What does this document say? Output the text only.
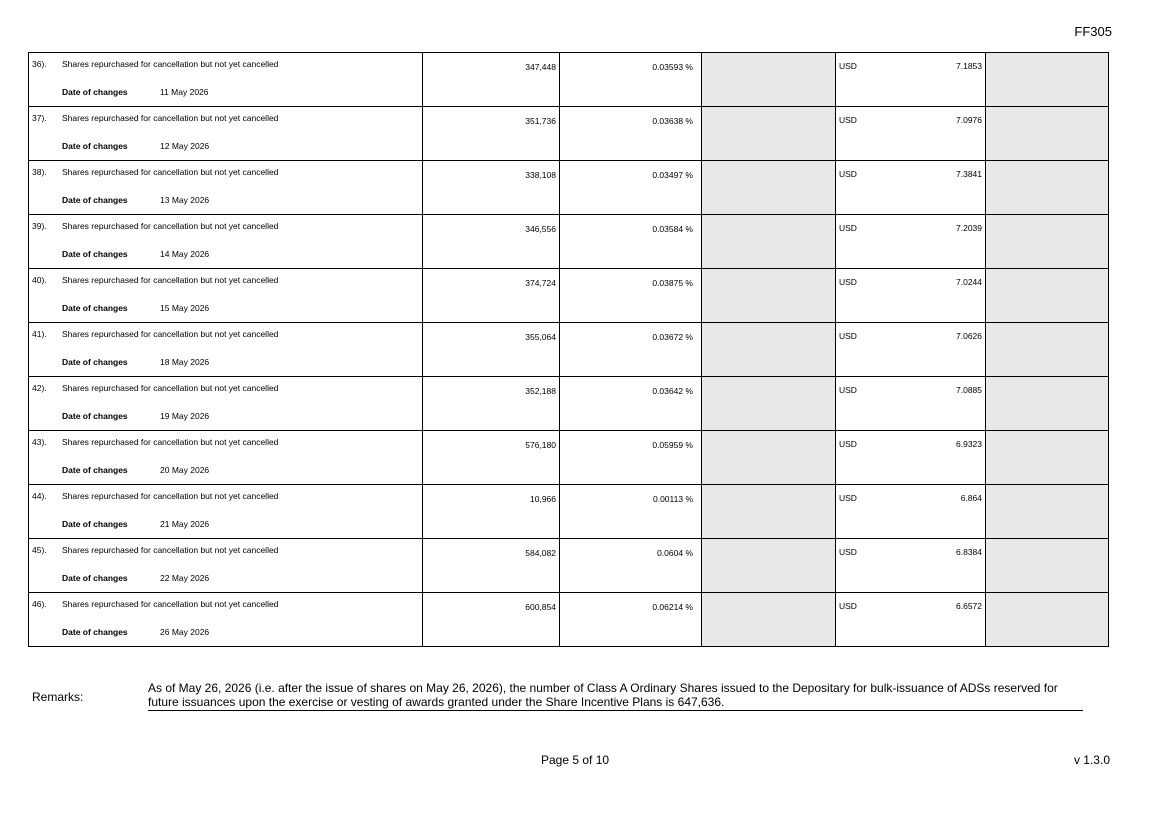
FF305
36). Shares repurchased for cancellation but not yet cancelled
Date of changes 11 May 2026	347,448	0.03593 %		USD 7.1853	

37). Shares repurchased for cancellation but not yet cancelled
Date of changes 12 May 2026	351,736	0.03638 %		USD 7.0976	

38). Shares repurchased for cancellation but not yet cancelled
Date of changes 13 May 2026	338,108	0.03497 %		USD 7.3841	

39). Shares repurchased for cancellation but not yet cancelled
Date of changes 14 May 2026	346,556	0.03584 %		USD 7.2039	

40). Shares repurchased for cancellation but not yet cancelled
Date of changes 15 May 2026	374,724	0.03875 %		USD 7.0244	

41). Shares repurchased for cancellation but not yet cancelled
Date of changes 18 May 2026	355,064	0.03672 %		USD 7.0626	

42). Shares repurchased for cancellation but not yet cancelled
Date of changes 19 May 2026	352,188	0.03642 %		USD 7.0885	

43). Shares repurchased for cancellation but not yet cancelled
Date of changes 20 May 2026	576,180	0.05959 %		USD 6.9323	

44). Shares repurchased for cancellation but not yet cancelled
Date of changes 21 May 2026	10,966	0.00113 %		USD 6.864	

45). Shares repurchased for cancellation but not yet cancelled
Date of changes 22 May 2026	584,082	0.0604 %		USD 6.8384	

46). Shares repurchased for cancellation but not yet cancelled
Date of changes 26 May 2026	600,854	0.06214 %		USD 6.6572	

Remarks:
As of May 26, 2026 (i.e. after the issue of shares on May 26, 2026), the number of Class A Ordinary Shares issued to the Depositary for bulk-issuance of ADSs reserved for future issuances upon the exercise or vesting of awards granted under the Share Incentive Plans is 647,636.
Page 5 of 10	v 1.3.0
